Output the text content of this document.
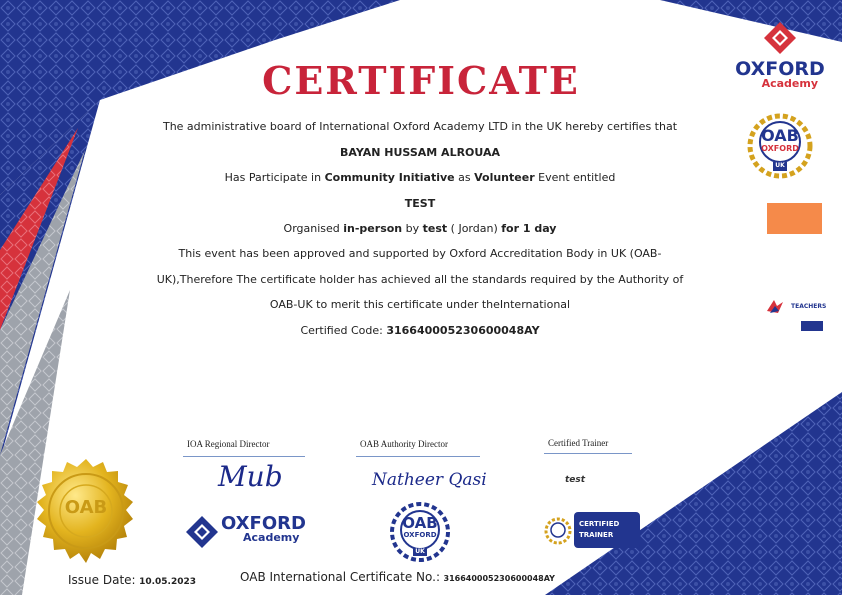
CERTIFICATE
The administrative board of International Oxford Academy LTD in the UK hereby certifies that
BAYAN HUSSAM ALROUAA
Has Participate in Community Initiative as Volunteer Event entitled
TEST
Organised in-person by test ( Jordan) for 1 day
This event has been approved and supported by Oxford Accreditation Body in UK (OAB-
UK),Therefore The certificate holder has achieved all the standards required by the Authority of
OAB-UK to merit this certificate under theInternational
Certified Code: 316640005230600048AY
OXFORD
Academy
OAB
OXFORD
UK
TEACHERS
IOA Regional Director
Mub
OAB Authority Director
Natheer Qasi
Certified Trainer
test
OXFORD
Academy
OAB
OXFORD
UK
CERTIFIED
TRAINER
OAB
Issue Date: 10.05.2023	OAB International Certificate No.: 316640005230600048AY
